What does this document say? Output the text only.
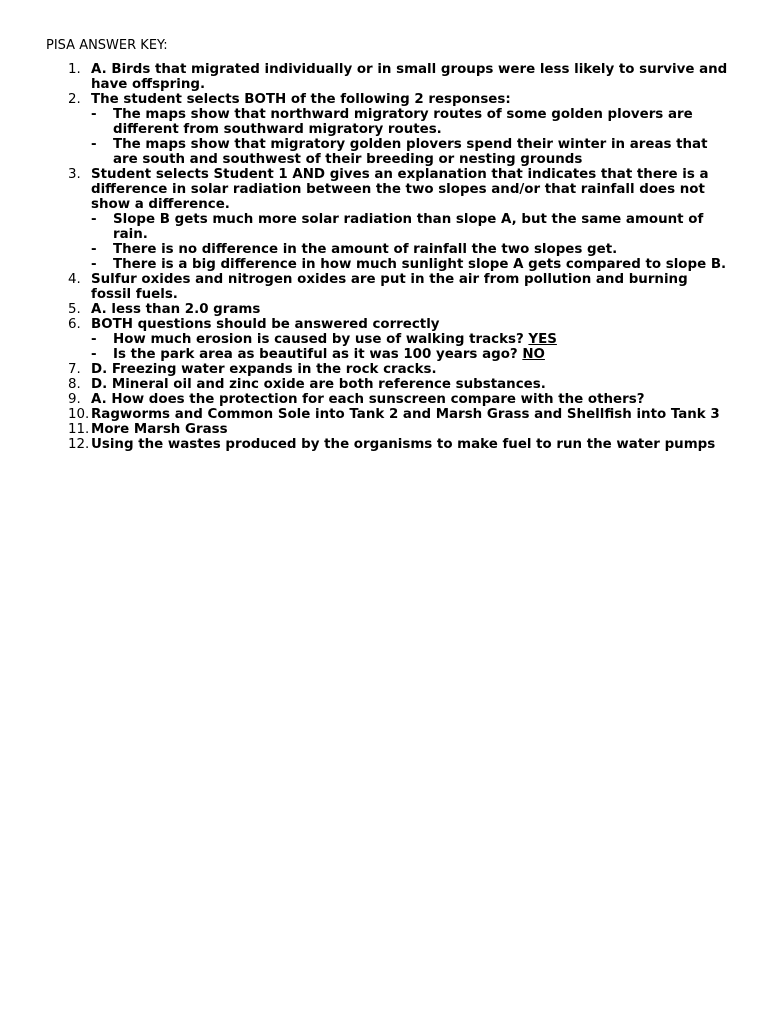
PISA ANSWER KEY:

1. A. Birds that migrated individually or in small groups were less likely to survive and have offspring.
2. The student selects BOTH of the following 2 responses:
- The maps show that northward migratory routes of some golden plovers are different from southward migratory routes.
- The maps show that migratory golden plovers spend their winter in areas that are south and southwest of their breeding or nesting grounds
3. Student selects Student 1 AND gives an explanation that indicates that there is a difference in solar radiation between the two slopes and/or that rainfall does not show a difference.
- Slope B gets much more solar radiation than slope A, but the same amount of rain.
- There is no difference in the amount of rainfall the two slopes get.
- There is a big difference in how much sunlight slope A gets compared to slope B.
4. Sulfur oxides and nitrogen oxides are put in the air from pollution and burning fossil fuels.
5. A. less than 2.0 grams
6. BOTH questions should be answered correctly
- How much erosion is caused by use of walking tracks? YES
- Is the park area as beautiful as it was 100 years ago? NO
7. D. Freezing water expands in the rock cracks.
8. D. Mineral oil and zinc oxide are both reference substances.
9. A. How does the protection for each sunscreen compare with the others?
10. Ragworms and Common Sole into Tank 2 and Marsh Grass and Shellfish into Tank 3
11. More Marsh Grass
12. Using the wastes produced by the organisms to make fuel to run the water pumps
